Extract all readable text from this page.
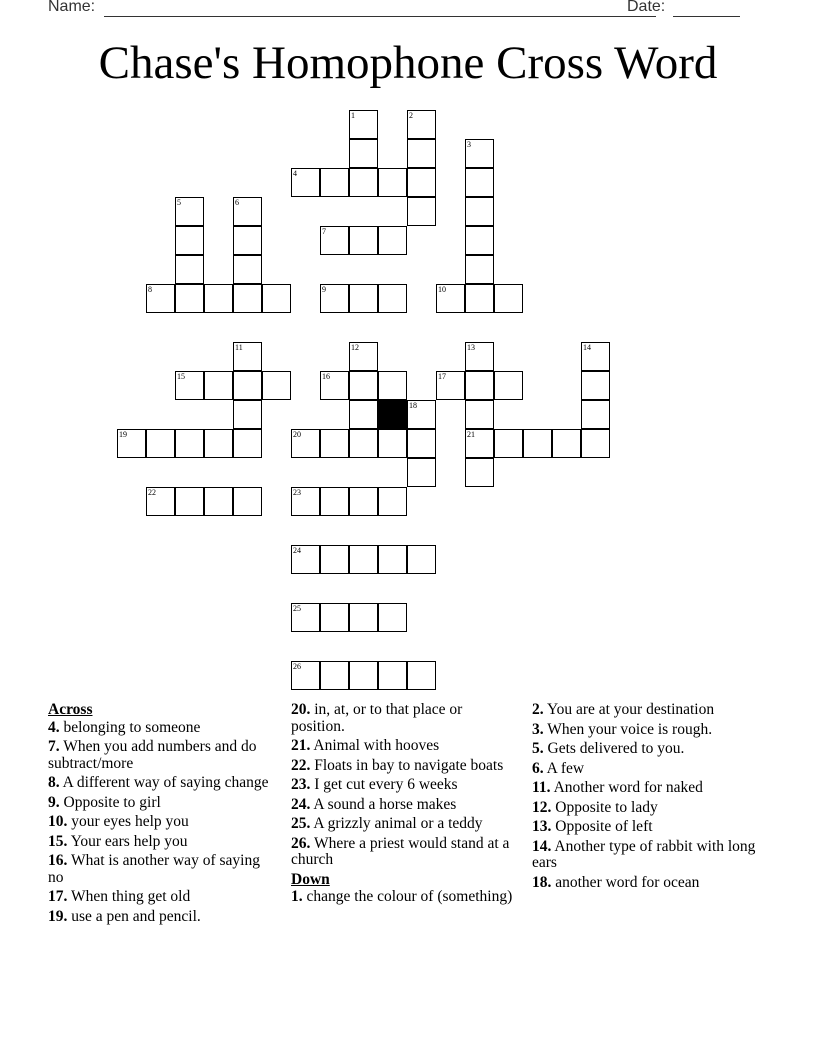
Name:	Date:
Chase's Homophone Cross Word
1	2
3
4
5	6
7
8	9	10
11	12	13	14
15	16	17
18
19	20	21
22	23
24
25
26
Across
4. belonging to someone
7. When you add numbers and do subtract/more
8. A different way of saying change
9. Opposite to girl
10. your eyes help you
15. Your ears help you
16. What is another way of saying no
17. When thing get old
19. use a pen and pencil.
20. in, at, or to that place or position.
21. Animal with hooves
22. Floats in bay to navigate boats
23. I get cut every 6 weeks
24. A sound a horse makes
25. A grizzly animal or a teddy
26. Where a priest would stand at a church
Down
1. change the colour of (something)
2. You are at your destination
3. When your voice is rough.
5. Gets delivered to you.
6. A few
11. Another word for naked
12. Opposite to lady
13. Opposite of left
14. Another type of rabbit with long ears
18. another word for ocean
